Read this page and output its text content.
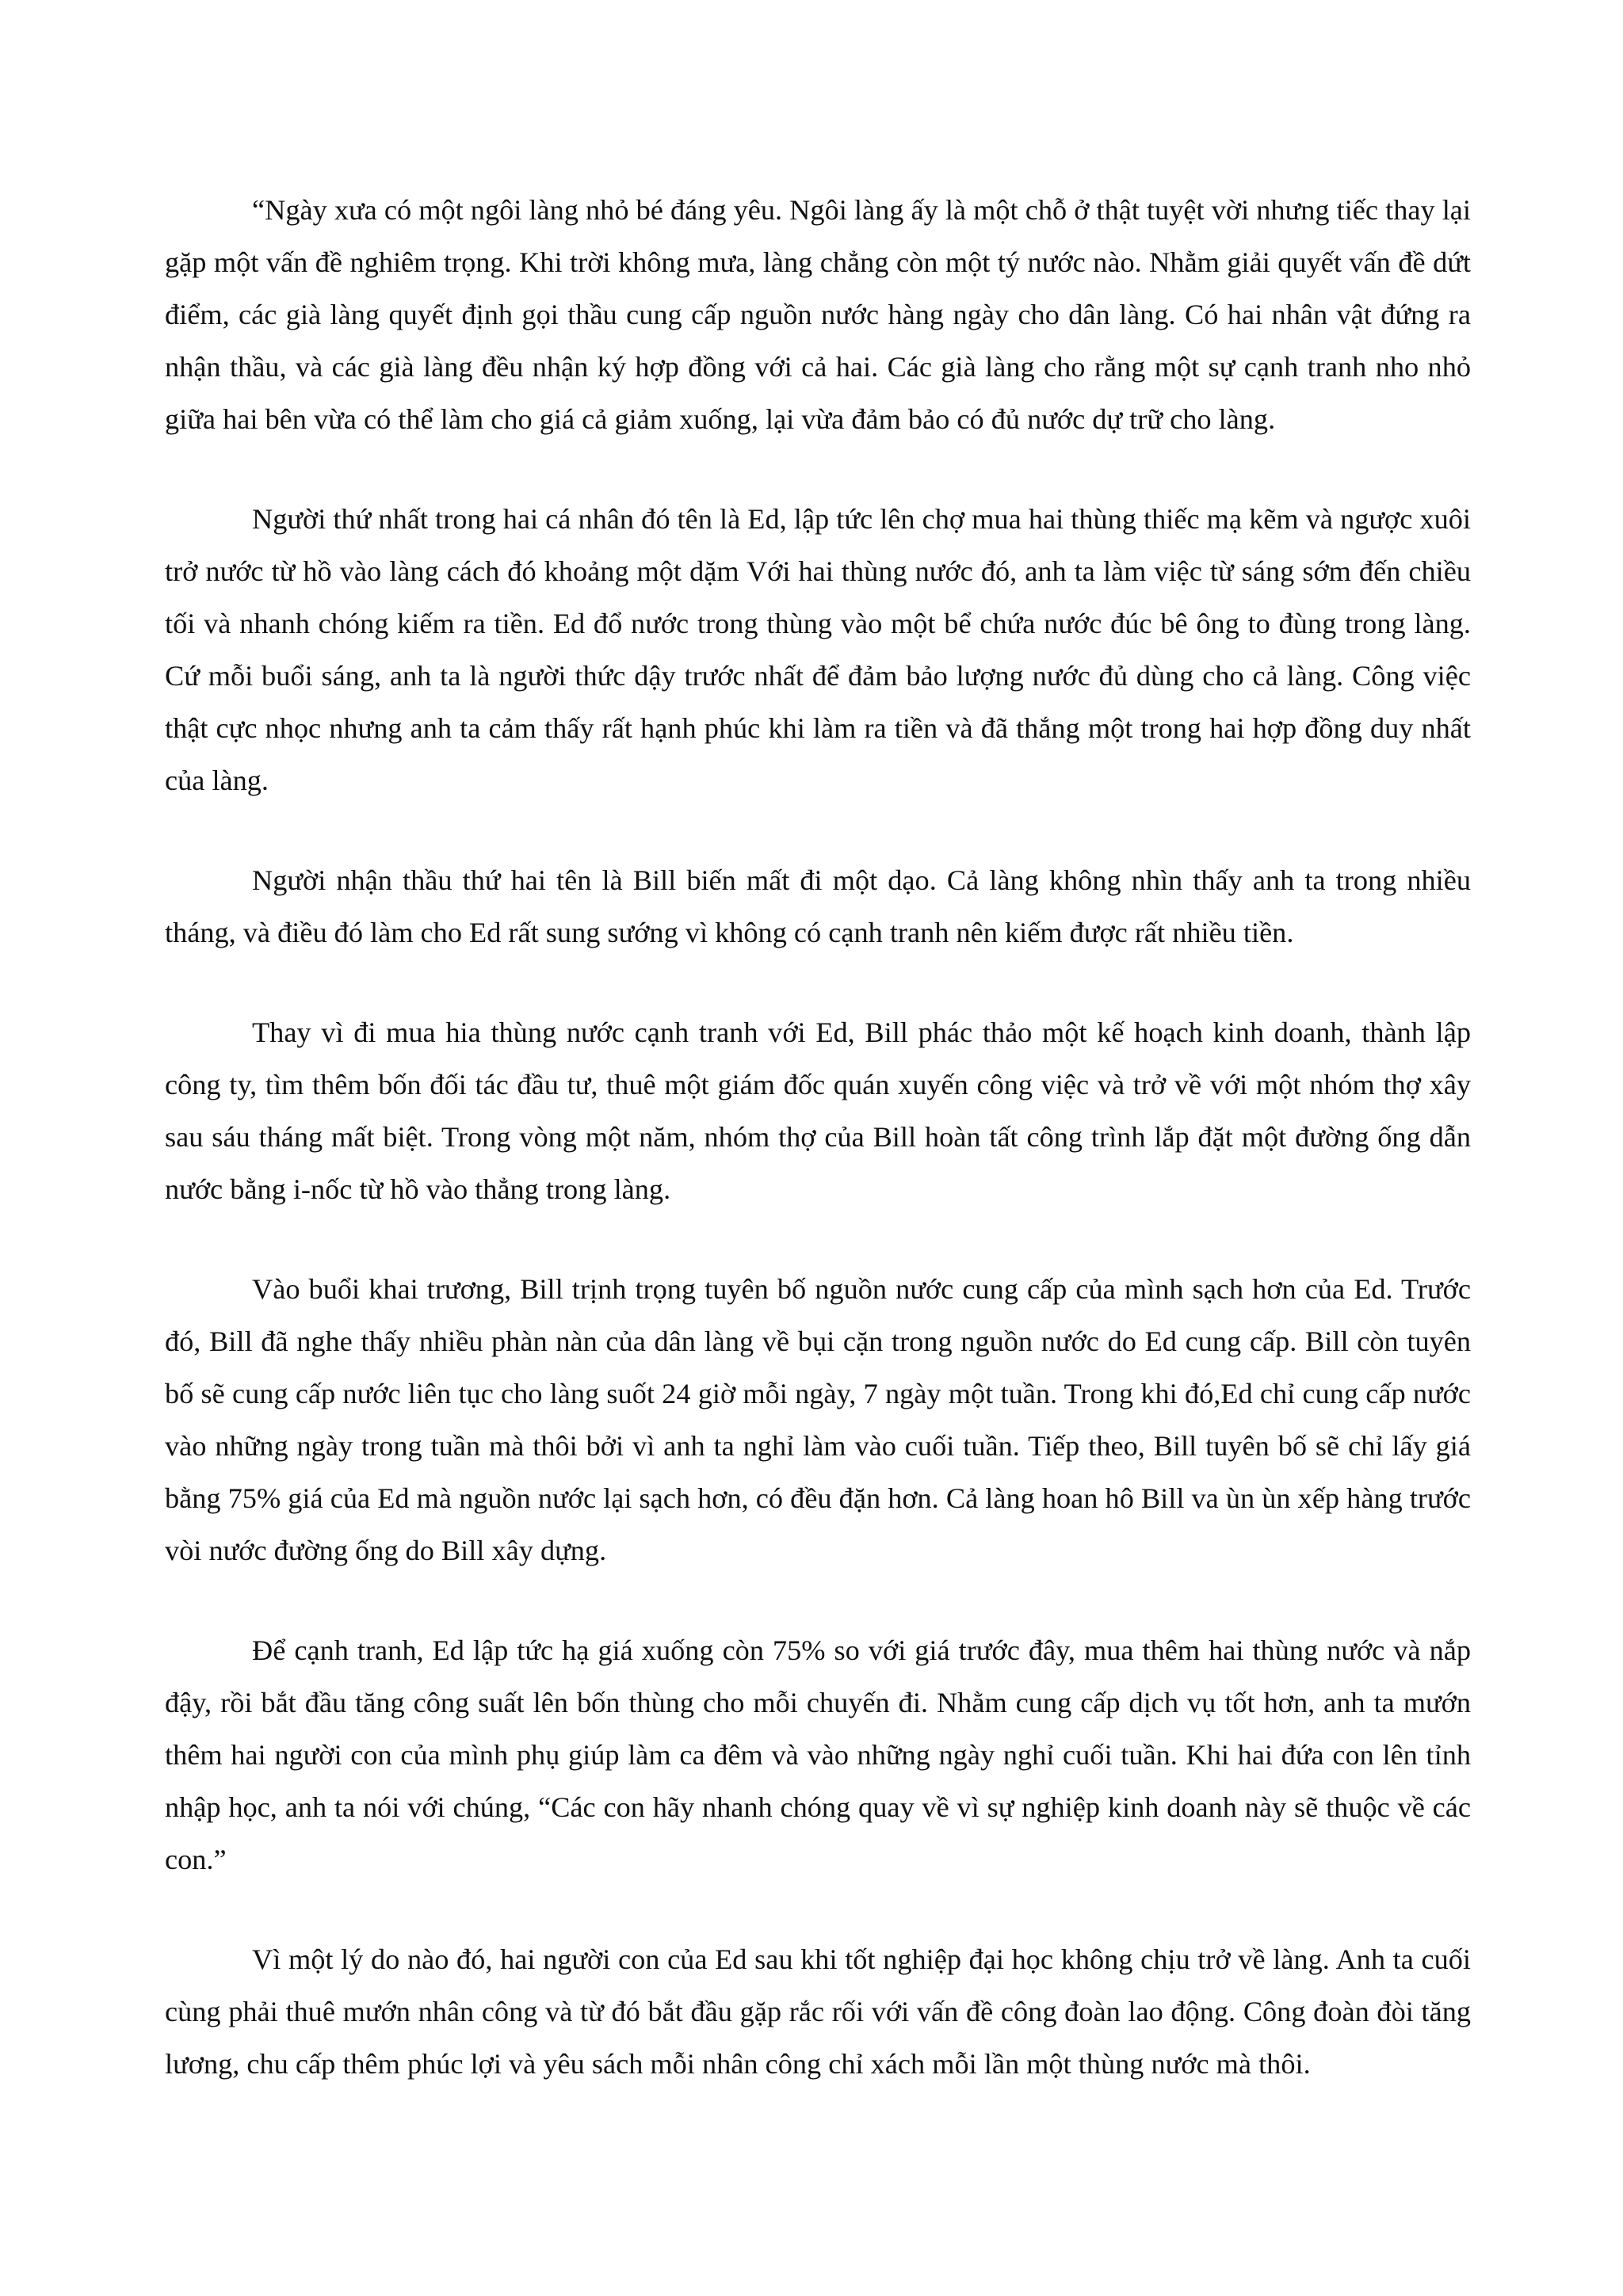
“Ngày xưa có một ngôi làng nhỏ bé đáng yêu. Ngôi làng ấy là một chỗ ở thật tuyệt vời nhưng tiếc thay lại gặp một vấn đề nghiêm trọng. Khi trời không mưa, làng chẳng còn một tý nước nào. Nhằm giải quyết vấn đề dứt điểm, các già làng quyết định gọi thầu cung cấp nguồn nước hàng ngày cho dân làng. Có hai nhân vật đứng ra nhận thầu, và các già làng đều nhận ký hợp đồng với cả hai. Các già làng cho rằng một sự cạnh tranh nho nhỏ giữa hai bên vừa có thể làm cho giá cả giảm xuống, lại vừa đảm bảo có đủ nước dự trữ cho làng.

Người thứ nhất trong hai cá nhân đó tên là Ed, lập tức lên chợ mua hai thùng thiếc mạ kẽm và ngược xuôi trở nước từ hồ vào làng cách đó khoảng một dặm Với hai thùng nước đó, anh ta làm việc từ sáng sớm đến chiều tối và nhanh chóng kiếm ra tiền. Ed đổ nước trong thùng vào một bể chứa nước đúc bê ông to đùng trong làng. Cứ mỗi buổi sáng, anh ta là người thức dậy trước nhất để đảm bảo lượng nước đủ dùng cho cả làng. Công việc thật cực nhọc nhưng anh ta cảm thấy rất hạnh phúc khi làm ra tiền và đã thắng một trong hai hợp đồng duy nhất của làng.

Người nhận thầu thứ hai tên là Bill biến mất đi một dạo. Cả làng không nhìn thấy anh ta trong nhiều tháng, và điều đó làm cho Ed rất sung sướng vì không có cạnh tranh nên kiếm được rất nhiều tiền.

Thay vì đi mua hia thùng nước cạnh tranh với Ed, Bill phác thảo một kế hoạch kinh doanh, thành lập công ty, tìm thêm bốn đối tác đầu tư, thuê một giám đốc quán xuyến công việc và trở về với một nhóm thợ xây sau sáu tháng mất biệt. Trong vòng một năm, nhóm thợ của Bill hoàn tất công trình lắp đặt một đường ống dẫn nước bằng i-nốc từ hồ vào thẳng trong làng.

Vào buổi khai trương, Bill trịnh trọng tuyên bố nguồn nước cung cấp của mình sạch hơn của Ed. Trước đó, Bill đã nghe thấy nhiều phàn nàn của dân làng về bụi cặn trong nguồn nước do Ed cung cấp. Bill còn tuyên bố sẽ cung cấp nước liên tục cho làng suốt 24 giờ mỗi ngày, 7 ngày một tuần. Trong khi đó,Ed chỉ cung cấp nước vào những ngày trong tuần mà thôi bởi vì anh ta nghỉ làm vào cuối tuần. Tiếp theo, Bill tuyên bố sẽ chỉ lấy giá bằng 75% giá của Ed mà nguồn nước lại sạch hơn, có đều đặn hơn. Cả làng hoan hô Bill va ùn ùn xếp hàng trước vòi nước đường ống do Bill xây dựng.

Để cạnh tranh, Ed lập tức hạ giá xuống còn 75% so với giá trước đây, mua thêm hai thùng nước và nắp đậy, rồi bắt đầu tăng công suất lên bốn thùng cho mỗi chuyến đi. Nhằm cung cấp dịch vụ tốt hơn, anh ta mướn thêm hai người con của mình phụ giúp làm ca đêm và vào những ngày nghỉ cuối tuần. Khi hai đứa con lên tỉnh nhập học, anh ta nói với chúng, “Các con hãy nhanh chóng quay về vì sự nghiệp kinh doanh này sẽ thuộc về các con.”

Vì một lý do nào đó, hai người con của Ed sau khi tốt nghiệp đại học không chịu trở về làng. Anh ta cuối cùng phải thuê mướn nhân công và từ đó bắt đầu gặp rắc rối với vấn đề công đoàn lao động. Công đoàn đòi tăng lương, chu cấp thêm phúc lợi và yêu sách mỗi nhân công chỉ xách mỗi lần một thùng nước mà thôi.
